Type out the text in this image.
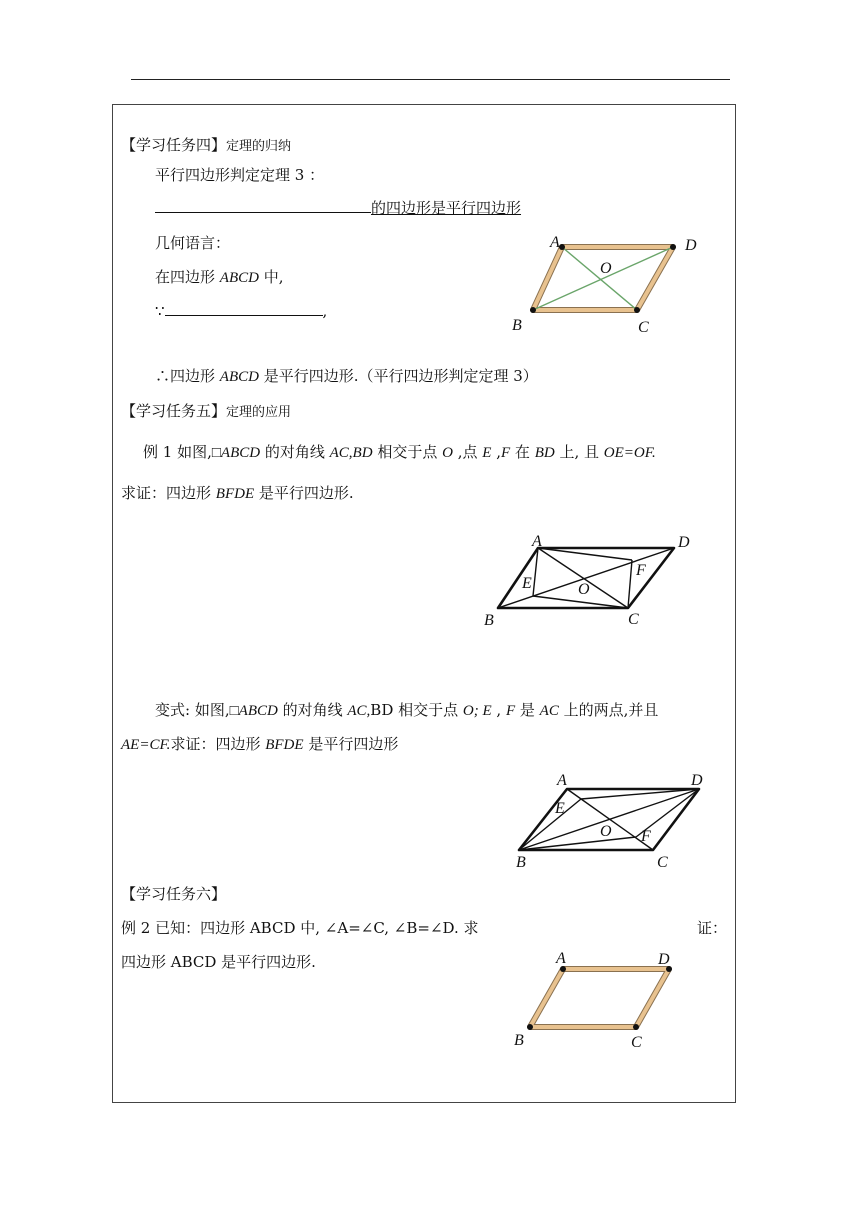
【学习任务四】定理的归纳
平行四边形判定定理 3 ：
的四边形是平行四边形
几何语言：
在四边形 ABCD 中,
∵	,
∴四边形 ABCD 是平行四边形.（平行四边形判定定理 3）
A	D
O
B	C
【学习任务五】定理的应用
例 1 如图,□ABCD 的对角线 AC,BD 相交于点 O ,点 E ,F 在 BD 上, 且 OE=OF.
求证：四边形 BFDE 是平行四边形.
A	D
F
E	O
B	C
变式: 如图,□ABCD 的对角线 AC,BD 相交于点 O; E , F 是 AC 上的两点,并且
AE=CF.求证：四边形 BFDE 是平行四边形
A	D
E
O F
B	C
【学习任务六】
例 2 已知：四边形 ABCD 中, ∠A=∠C, ∠B=∠D. 求	证：
四边形 ABCD 是平行四边形.	A	D
B	C
